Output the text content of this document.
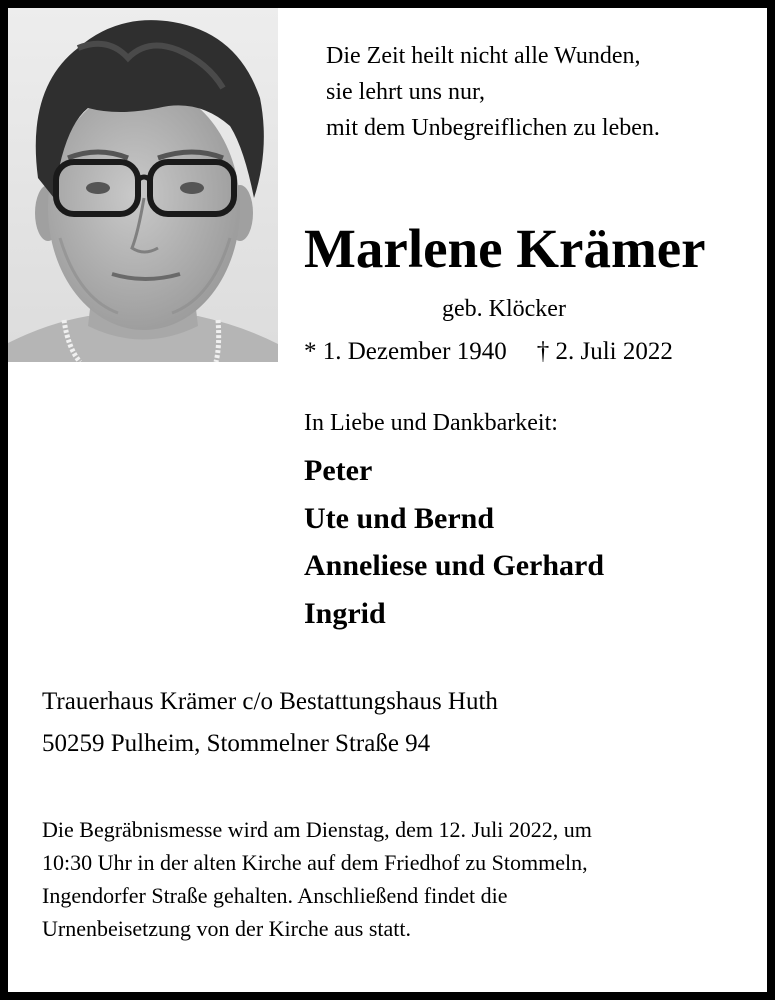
Die Zeit heilt nicht alle Wunden,
sie lehrt uns nur,
mit dem Unbegreiflichen zu leben.
Marlene Krämer
geb. Klöcker
* 1. Dezember 1940 † 2. Juli 2022
In Liebe und Dankbarkeit:
Peter
Ute und Bernd
Anneliese und Gerhard
Ingrid
Trauerhaus Krämer c/o Bestattungshaus Huth
50259 Pulheim, Stommelner Straße 94
Die Begräbnismesse wird am Dienstag, dem 12. Juli 2022, um
10:30 Uhr in der alten Kirche auf dem Friedhof zu Stommeln,
Ingendorfer Straße gehalten. Anschließend findet die
Urnenbeisetzung von der Kirche aus statt.
